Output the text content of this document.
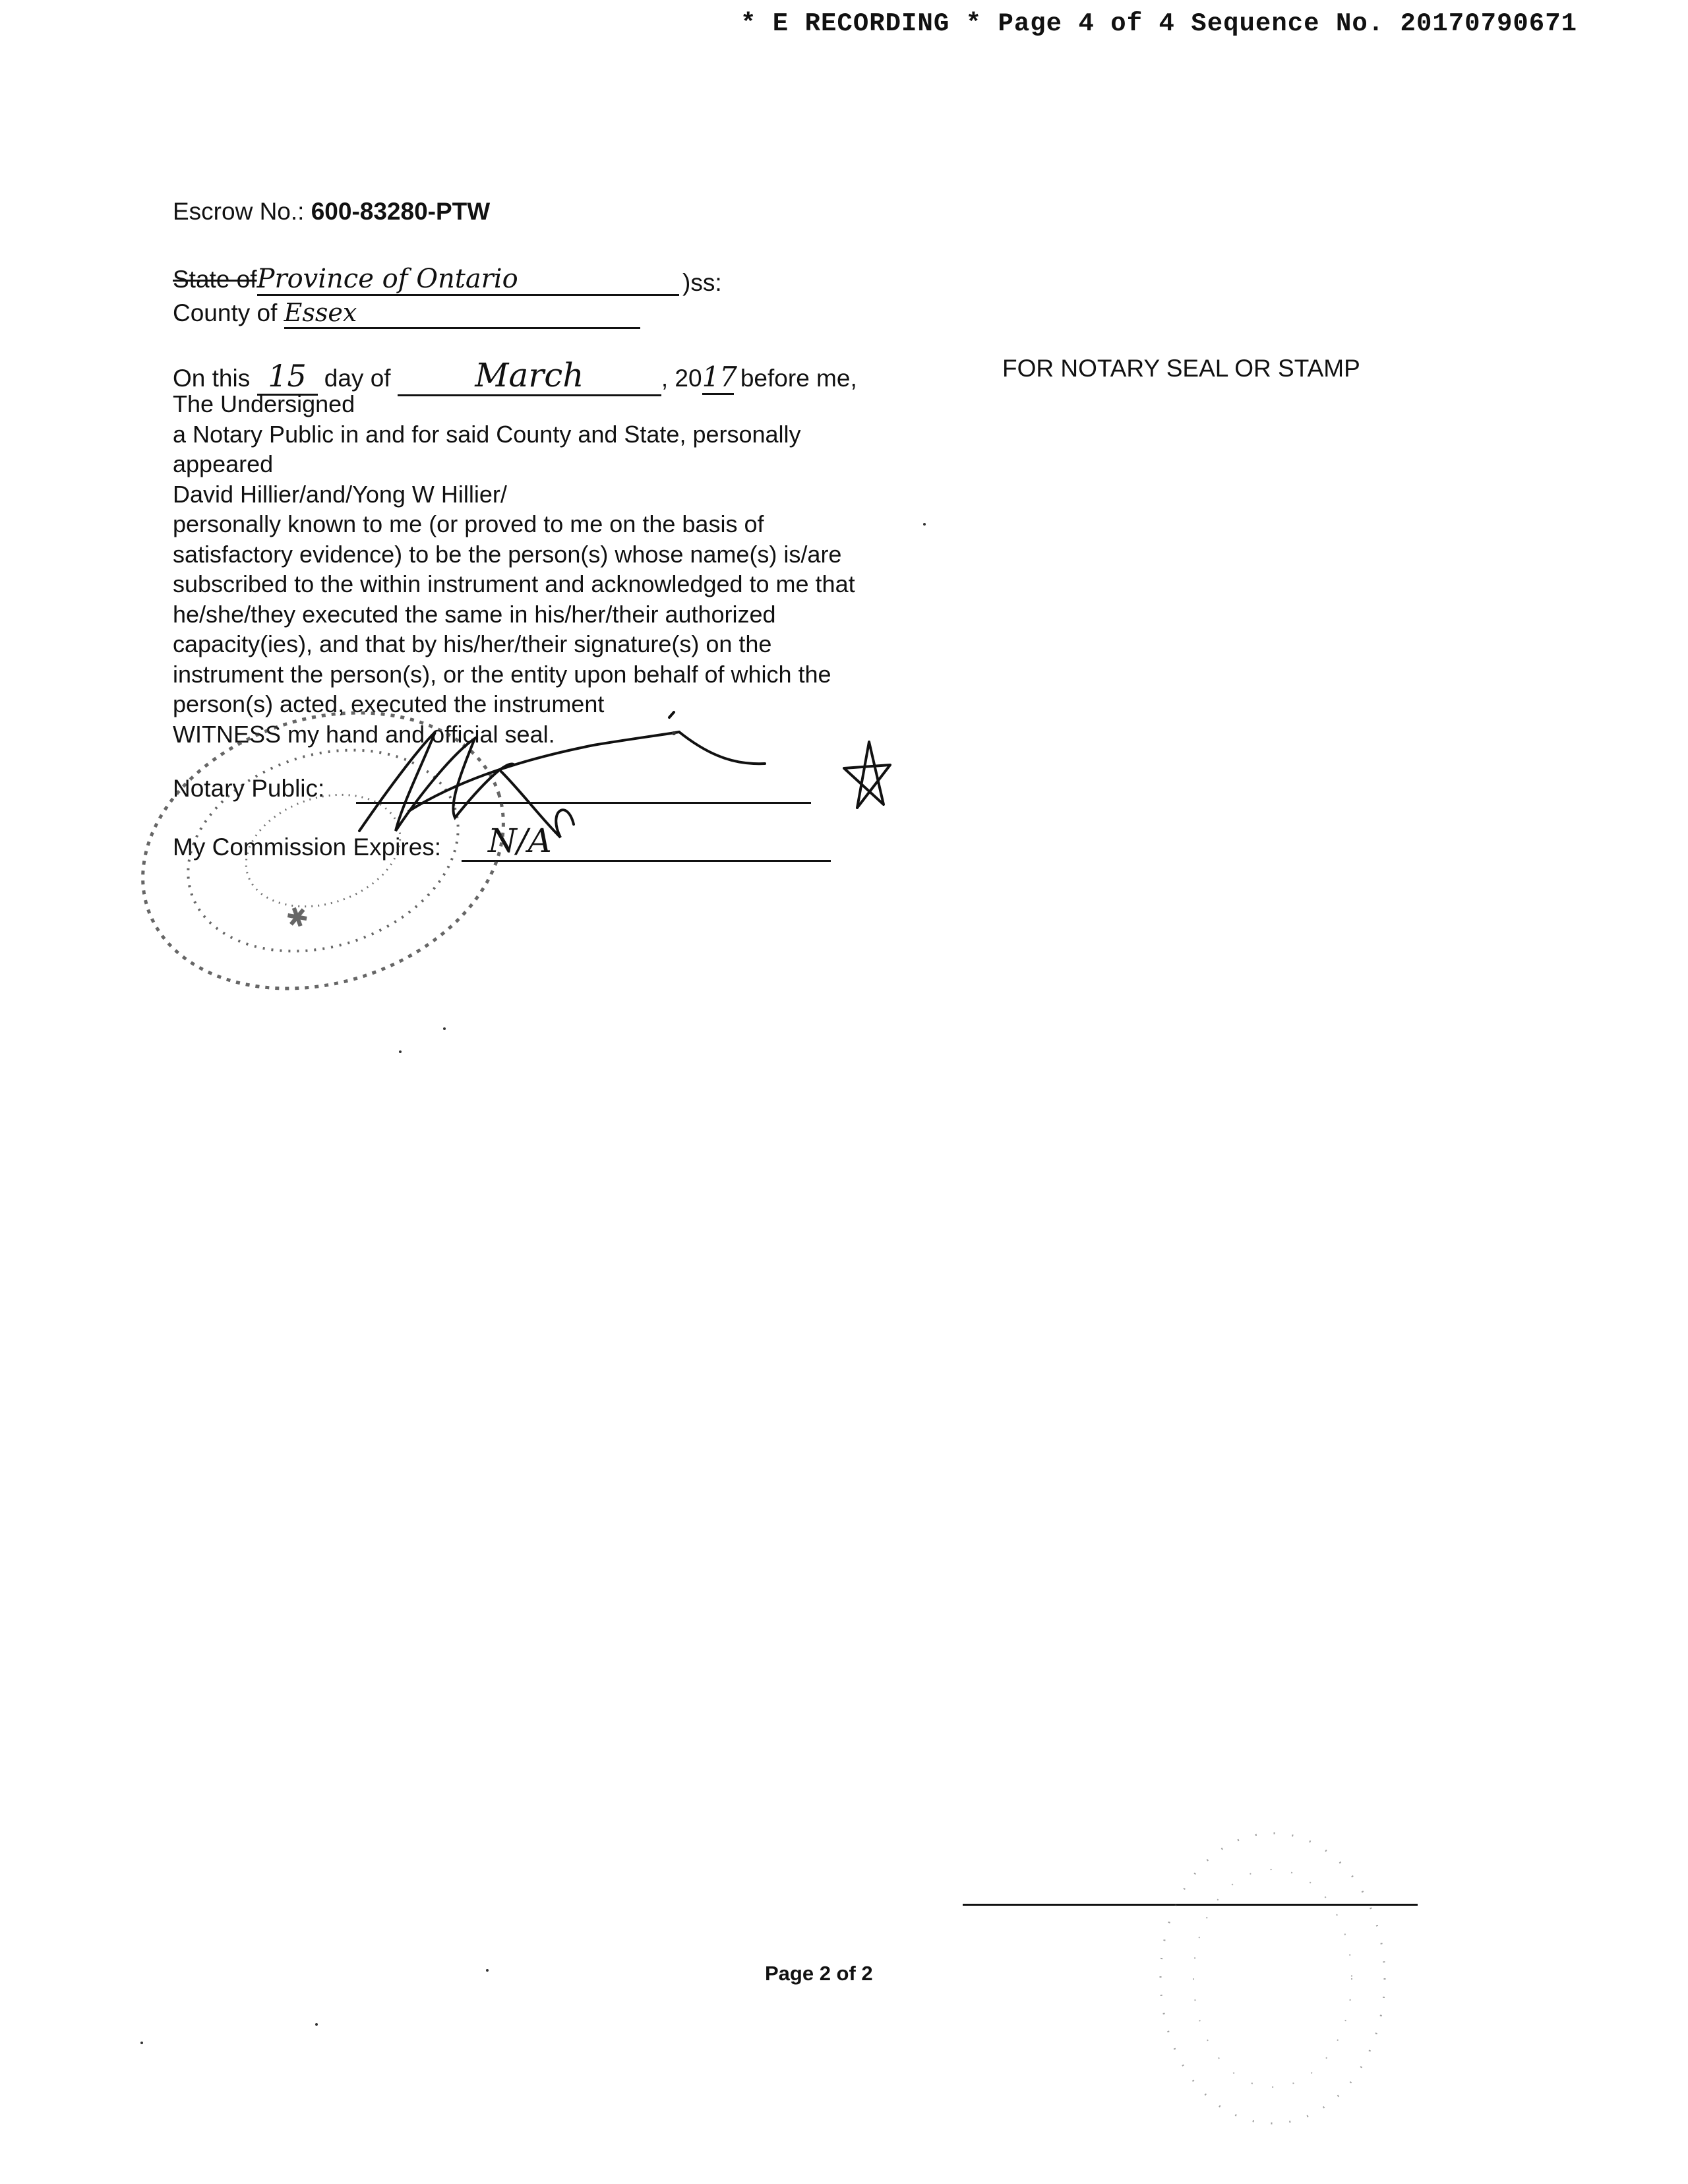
* E RECORDING * Page 4 of 4 Sequence No. 20170790671
Escrow No.: 600-83280-PTW
State ofProvince of Ontario	)ss:
County of Essex
On this 15 day of	March	, 2017 before me,	FOR NOTARY SEAL OR STAMP
The Undersigned
a Notary Public in and for said County and State, personally
appeared
David Hillier/and/Yong W Hillier/
personally known to me (or proved to me on the basis of
satisfactory evidence) to be the person(s) whose name(s) is/are
subscribed to the within instrument and acknowledged to me that
he/she/they executed the same in his/her/their authorized
capacity(ies), and that by his/her/their signature(s) on the
instrument the person(s), or the entity upon behalf of which the
person(s) acted, executed the instrument
WITNESS my hand and official seal.
Notary Public:
My Commission Expires: N/A
Page 2 of 2
✱
